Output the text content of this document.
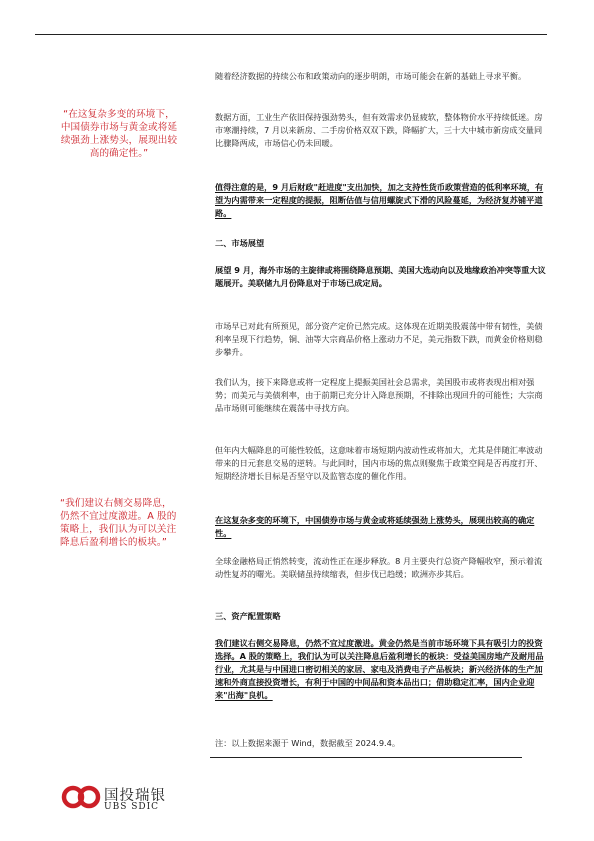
“在这复杂多变的环境下，中国债券市场与黄金或将延续强劲上涨势头，展现出较高的确定性。”
“我们建议右侧交易降息，仍然不宜过度激进。A 股的策略上，我们认为可以关注降息后盈利增长的板块。”

随着经济数据的持续公布和政策动向的逐步明朗，市场可能会在新的基础上寻求平衡。

数据方面，工业生产依旧保持强劲势头，但有效需求仍显疲软，整体物价水平持续低迷。房市寒潮持续，7 月以来新房、二手房价格双双下跌，降幅扩大，三十大中城市新房成交量同比骤降两成，市场信心仍未回暖。

值得注意的是，9 月后财政"赶进度"支出加快，加之支持性货币政策营造的低利率环境，有望为内需带来一定程度的提振，阻断估值与信用螺旋式下滑的风险蔓延，为经济复苏铺平道路。

二、市场展望

展望 9 月，海外市场的主旋律或将围绕降息预期、美国大选动向以及地缘政治冲突等重大议题展开。美联储九月份降息对于市场已成定局。

市场早已对此有所预见，部分资产定价已然完成。这体现在近期美股震荡中带有韧性，美债利率呈现下行趋势，铜、油等大宗商品价格上涨动力不足，美元指数下跌，而黄金价格则稳步攀升。

我们认为，接下来降息或将一定程度上提振美国社会总需求，美国股市或将表现出相对强势；而美元与美债利率，由于前期已充分计入降息预期，不排除出现回升的可能性；大宗商品市场则可能继续在震荡中寻找方向。

但年内大幅降息的可能性较低，这意味着市场短期内波动性或将加大，尤其是伴随汇率波动带来的日元套息交易的逆转。与此同时，国内市场的焦点则聚焦于政策空间是否再度打开、短期经济增长目标是否坚守以及监管态度的催化作用。

在这复杂多变的环境下，中国债券市场与黄金或将延续强劲上涨势头，展现出较高的确定性。

全球金融格局正悄然转变，流动性正在逐步释放。8 月主要央行总资产降幅收窄，预示着流动性复苏的曙光。美联储虽持续缩表，但步伐已趋缓；欧洲亦步其后。

三、资产配置策略

我们建议右侧交易降息，仍然不宜过度激进。黄金仍然是当前市场环境下具有吸引力的投资选择。A 股的策略上，我们认为可以关注降息后盈利增长的板块：受益美国房地产及耐用品行业，尤其是与中国进口密切相关的家居、家电及消费电子产品板块；新兴经济体的生产加速和外商直接投资增长，有利于中国的中间品和资本品出口；借助稳定汇率，国内企业迎来"出海"良机。

注：以上数据来源于 Wind，数据截至 2024.9.4。

国投瑞银
UBS SDIC
